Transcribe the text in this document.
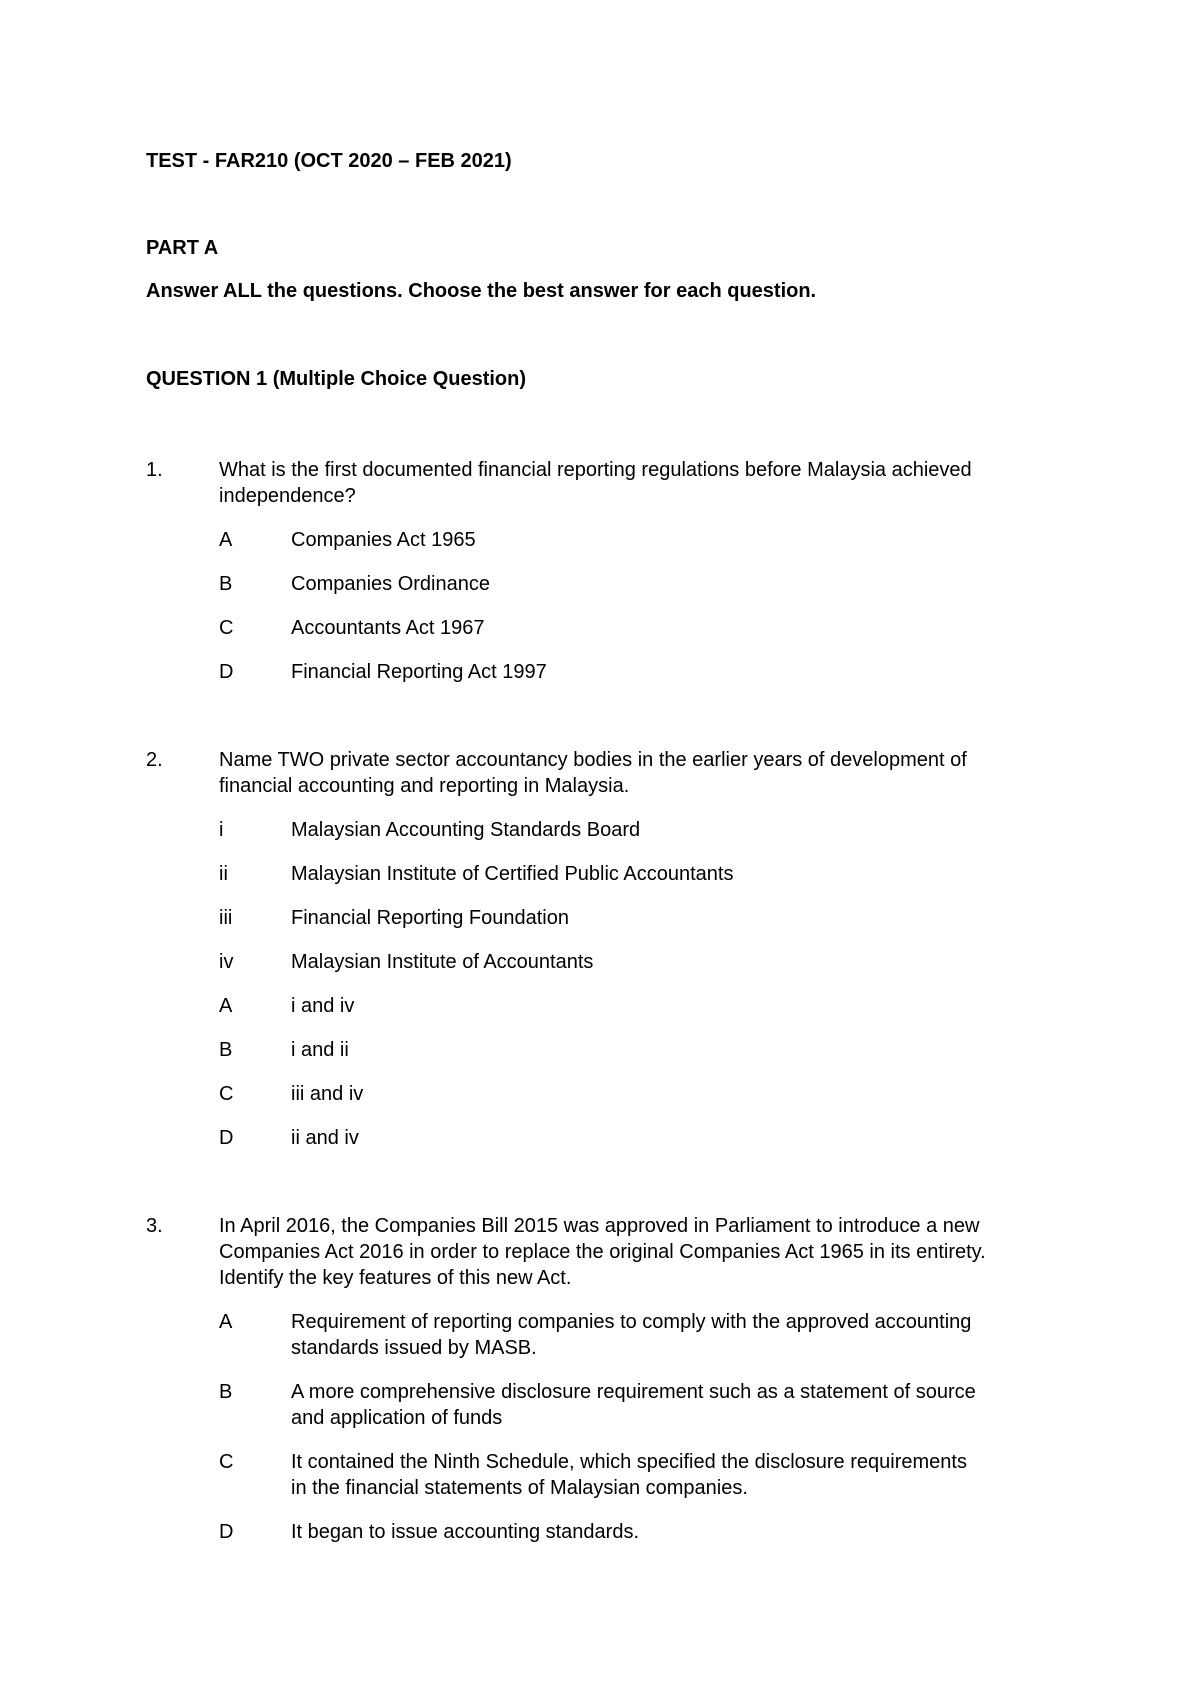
TEST - FAR210 (OCT 2020 – FEB 2021)
PART A
Answer ALL the questions. Choose the best answer for each question.
QUESTION 1 (Multiple Choice Question)
1.	What is the first documented financial reporting regulations before Malaysia achieved
independence?
A	Companies Act 1965
B	Companies Ordinance
C	Accountants Act 1967
D	Financial Reporting Act 1997
2.	Name TWO private sector accountancy bodies in the earlier years of development of
financial accounting and reporting in Malaysia.
i	Malaysian Accounting Standards Board
ii	Malaysian Institute of Certified Public Accountants
iii	Financial Reporting Foundation
iv	Malaysian Institute of Accountants
A	i and iv
B	i and ii
C	iii and iv
D	ii and iv
3.	In April 2016, the Companies Bill 2015 was approved in Parliament to introduce a new
Companies Act 2016 in order to replace the original Companies Act 1965 in its entirety.
Identify the key features of this new Act.
A	Requirement of reporting companies to comply with the approved accounting
standards issued by MASB.
B	A more comprehensive disclosure requirement such as a statement of source
and application of funds
C	It contained the Ninth Schedule, which specified the disclosure requirements
in the financial statements of Malaysian companies.
D	It began to issue accounting standards.
